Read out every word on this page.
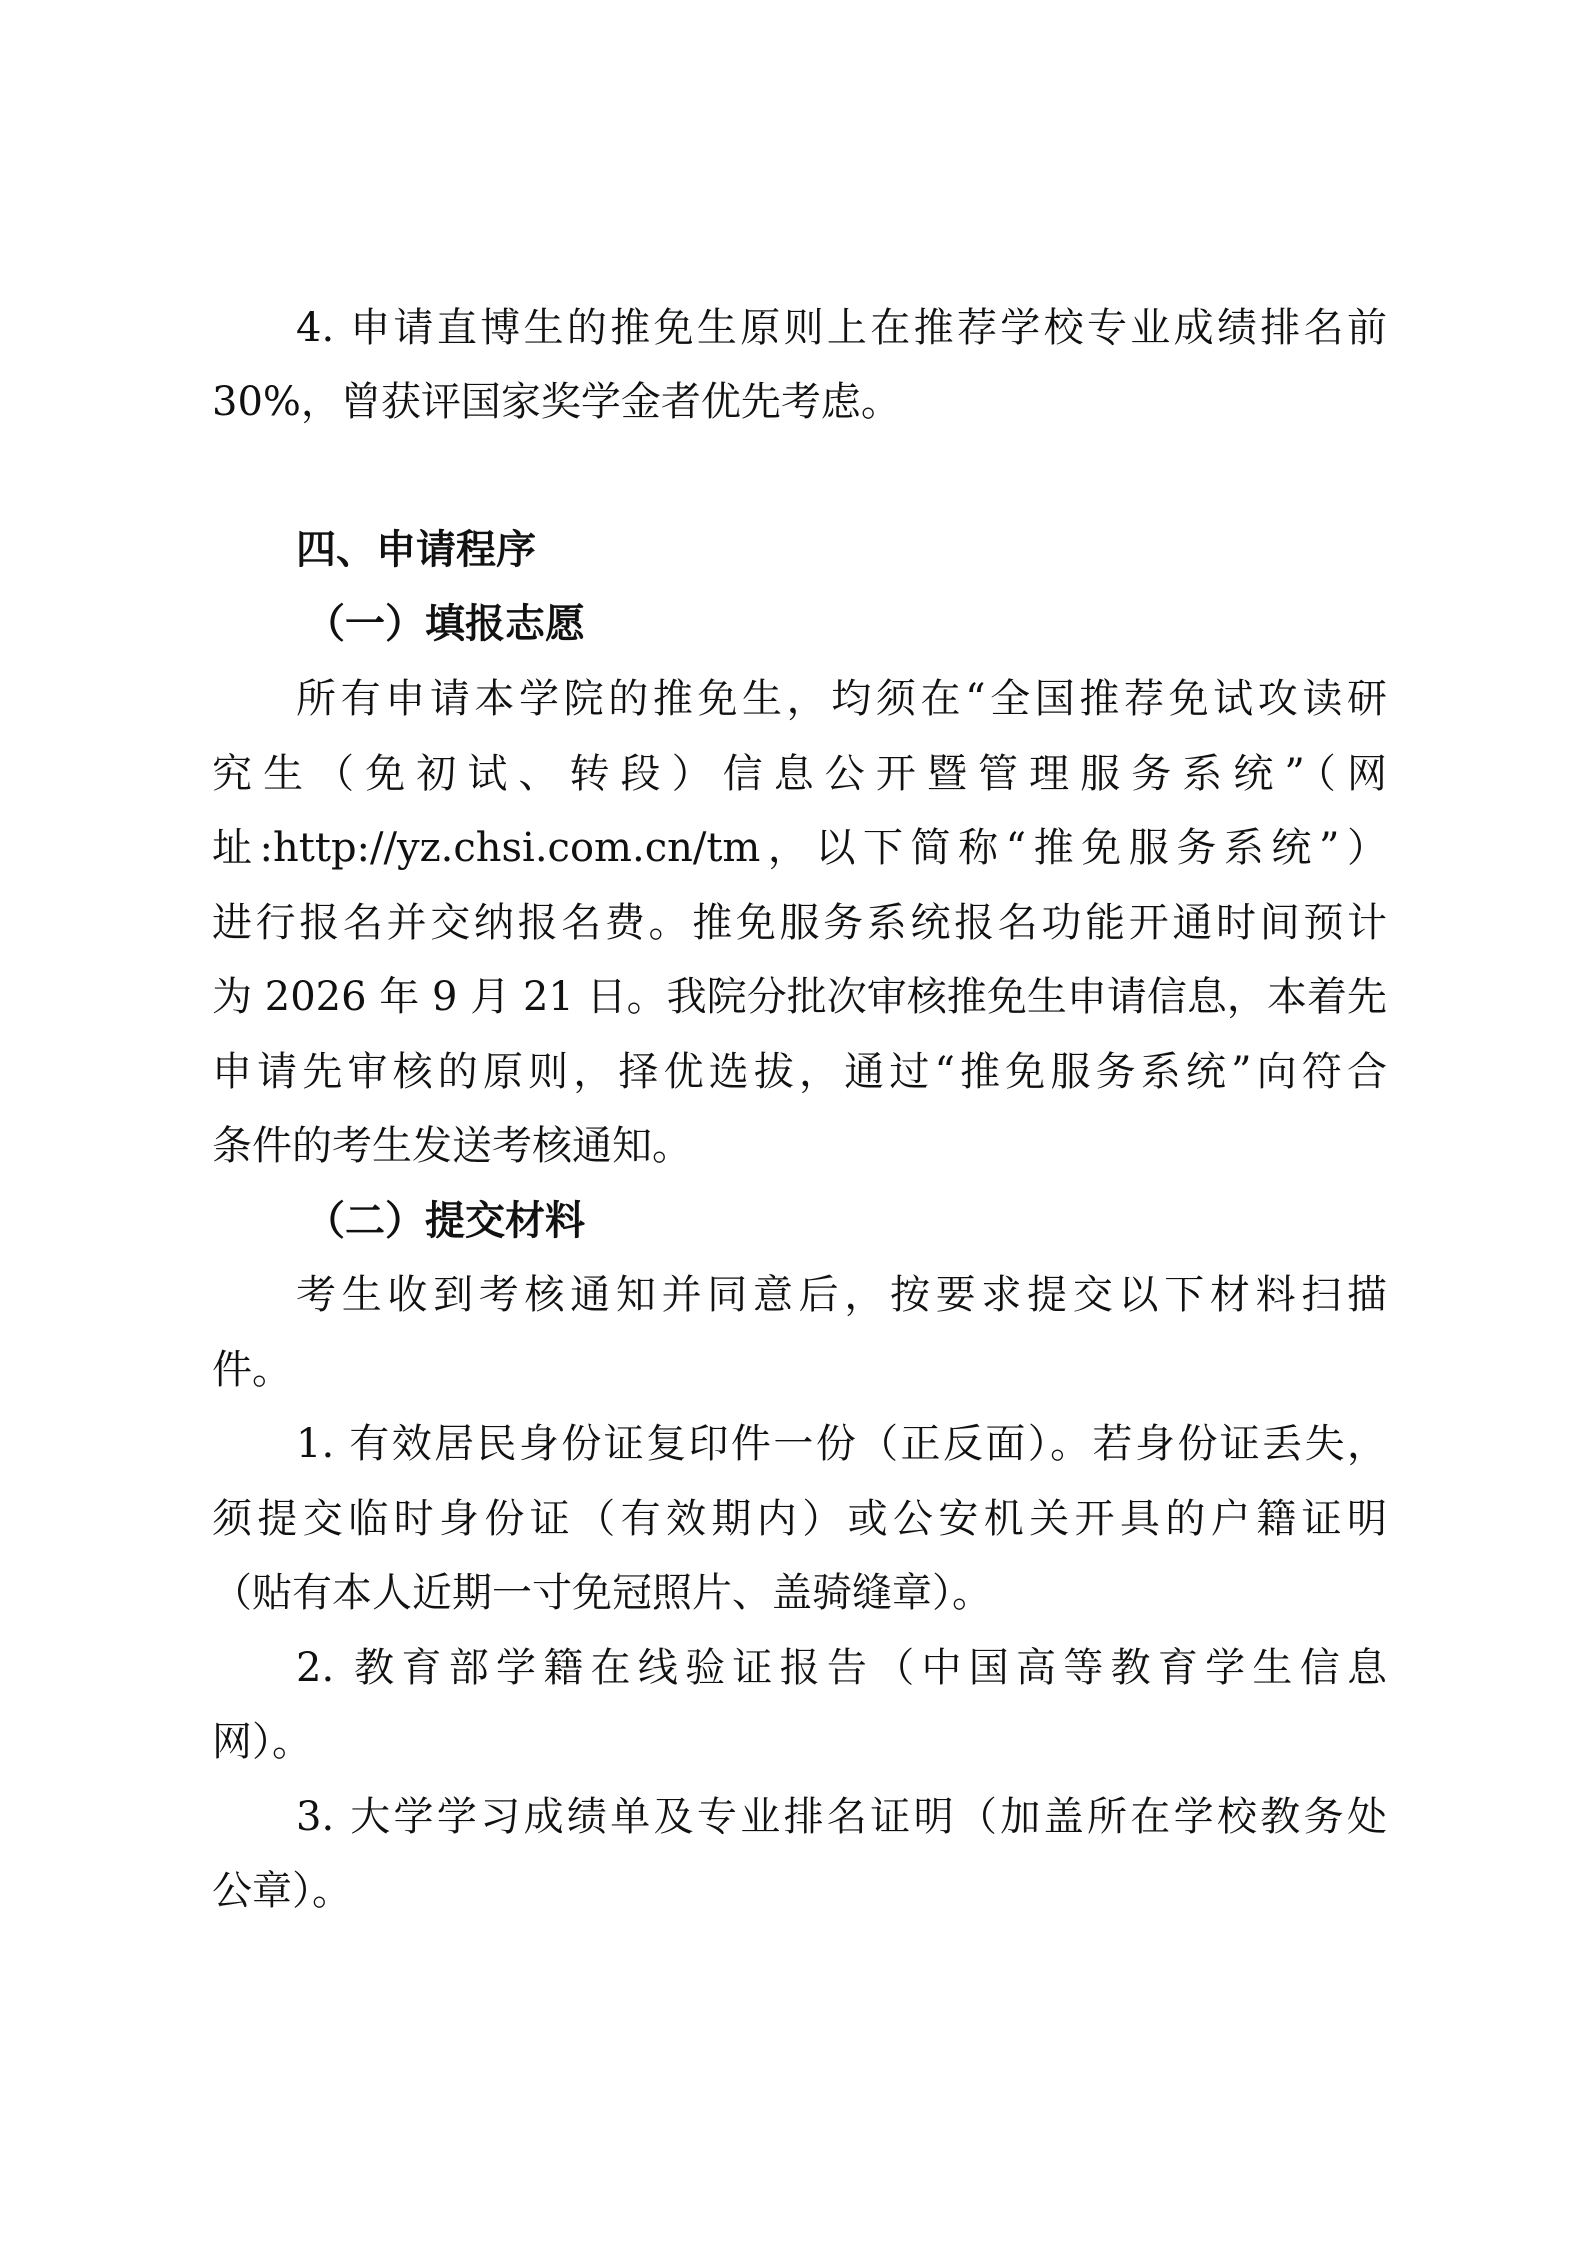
4. 申请直博生的推免生原则上在推荐学校专业成绩排名前
30%，曾获评国家奖学金者优先考虑。
四、申请程序
（一）填报志愿
所有申请本学院的推免生，均须在“全国推荐免试攻读研
究生（免初试、转段）信息公开暨管理服务系统”（网
址:http://yz.chsi.com.cn/tm，以下简称“推免服务系统”）
进行报名并交纳报名费。推免服务系统报名功能开通时间预计
为 2026 年 9 月 21 日。我院分批次审核推免生申请信息，本着先
申请先审核的原则，择优选拔，通过“推免服务系统”向符合
条件的考生发送考核通知。
（二）提交材料
考生收到考核通知并同意后，按要求提交以下材料扫描
件。
1. 有效居民身份证复印件一份（正反面）。若身份证丢失，
须提交临时身份证（有效期内）或公安机关开具的户籍证明
（贴有本人近期一寸免冠照片、盖骑缝章）。
2. 教育部学籍在线验证报告（中国高等教育学生信息
网）。
3. 大学学习成绩单及专业排名证明（加盖所在学校教务处
公章）。
